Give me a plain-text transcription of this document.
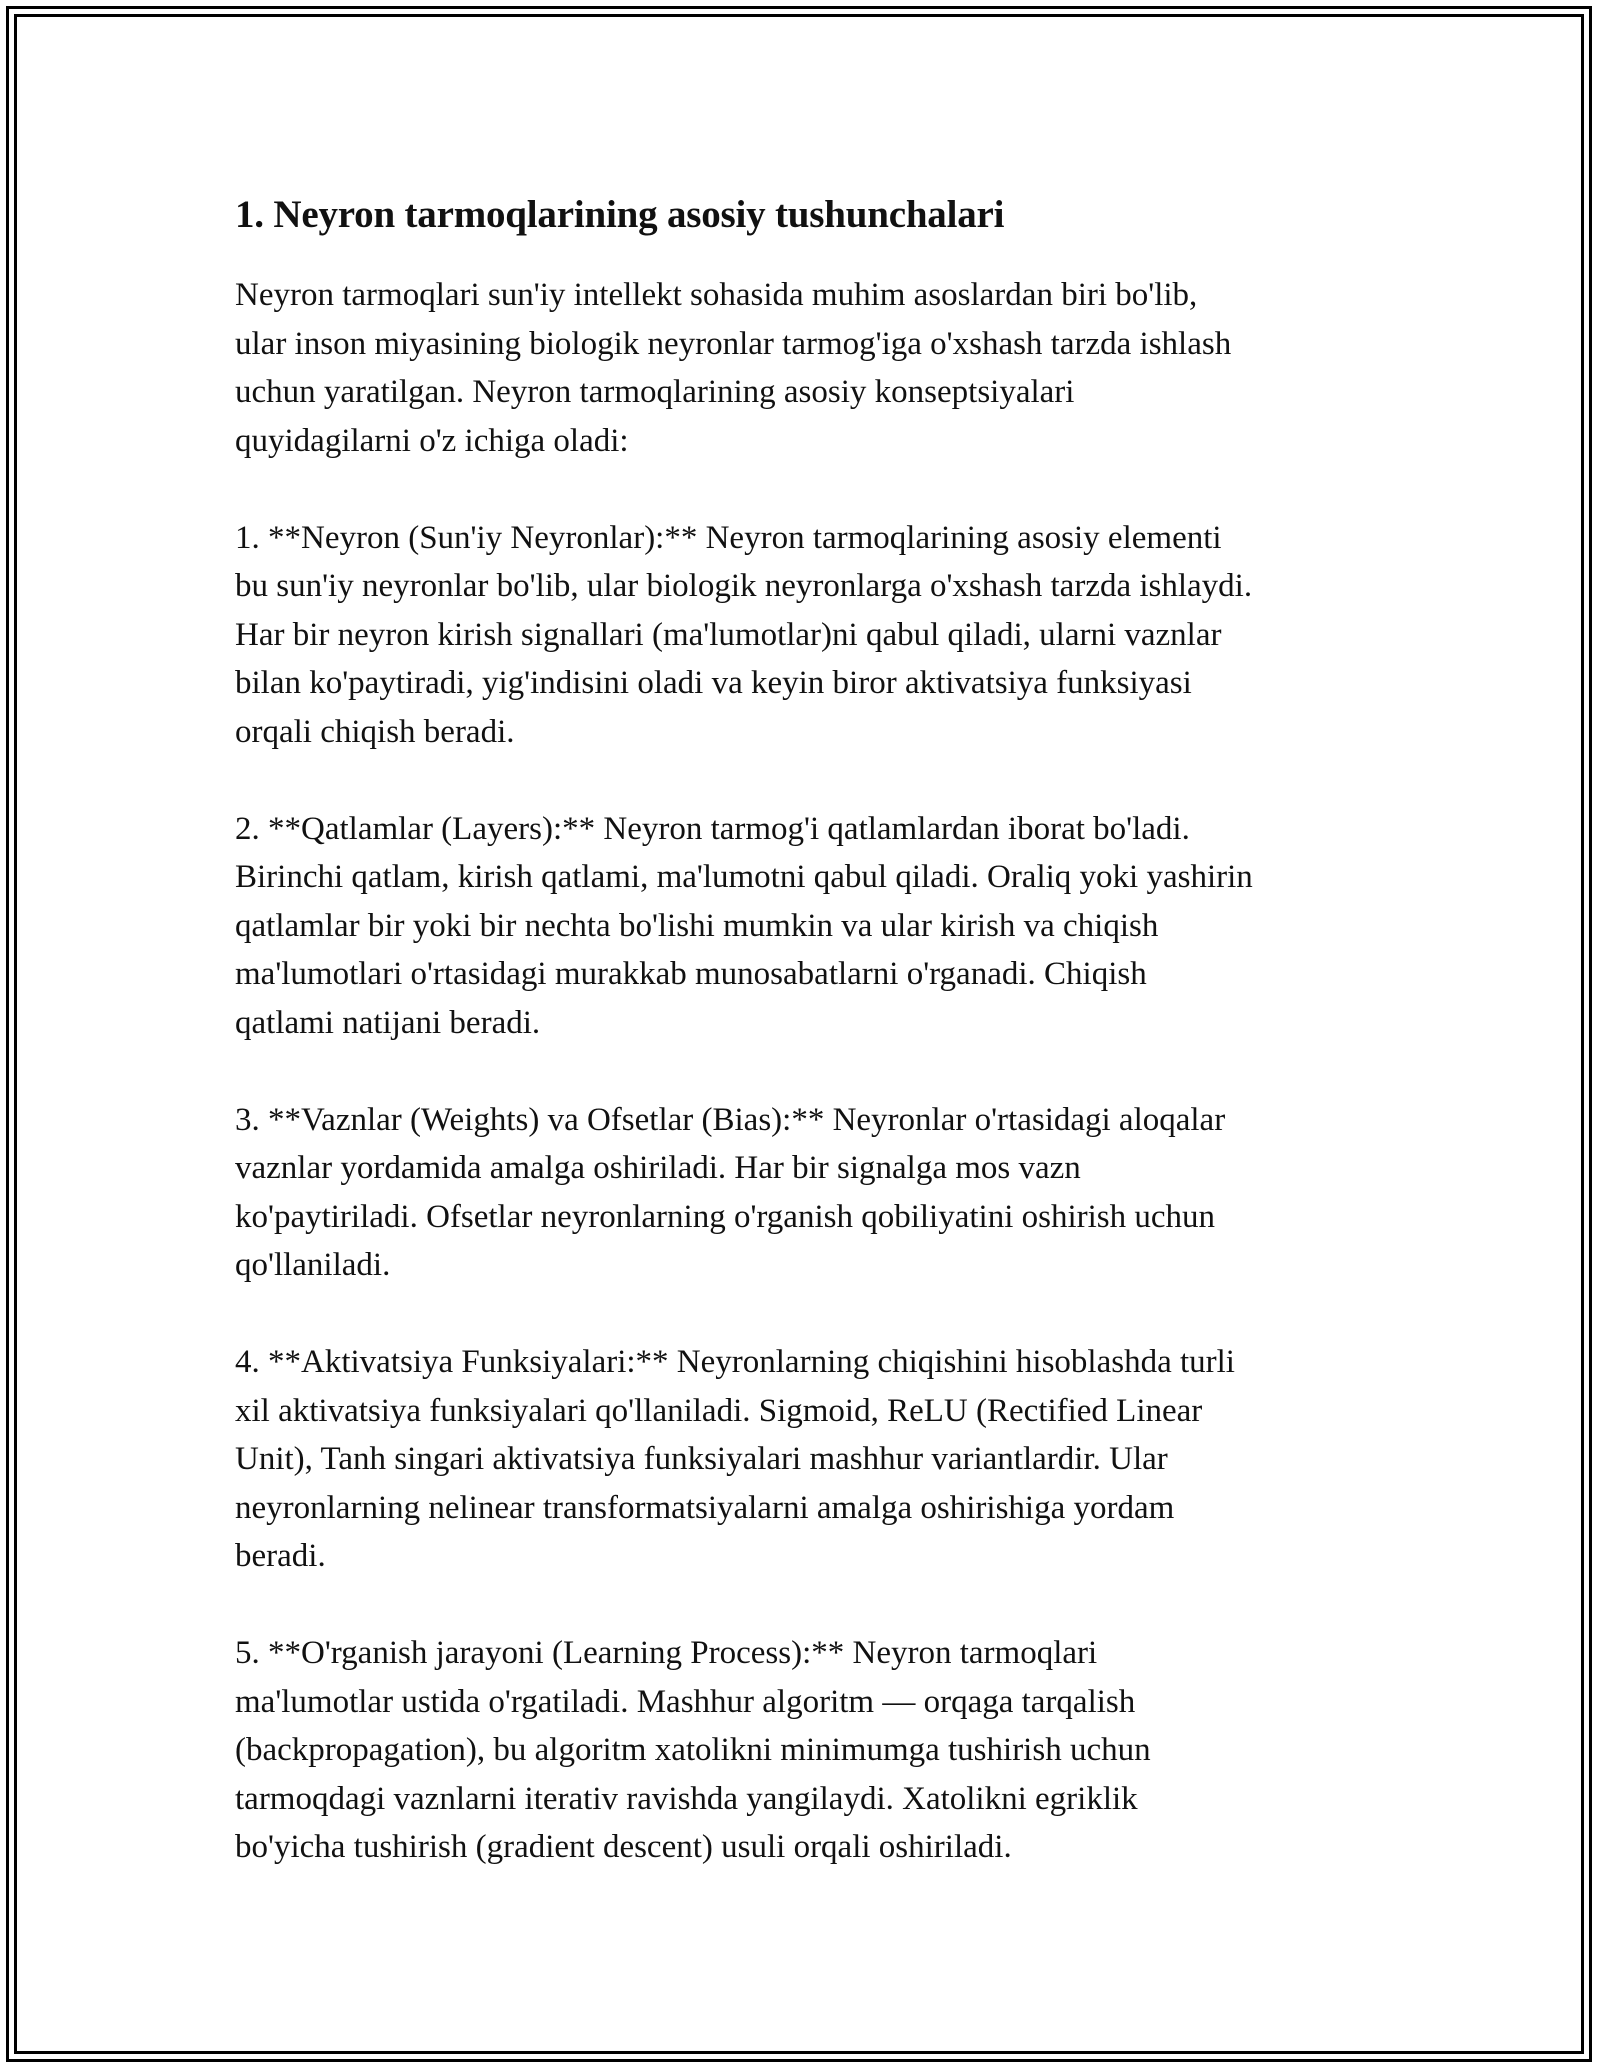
1. Neyron tarmoqlarining asosiy tushunchalari
Neyron tarmoqlari sun'iy intellekt sohasida muhim asoslardan biri bo'lib,
ular inson miyasining biologik neyronlar tarmog'iga o'xshash tarzda ishlash
uchun yaratilgan. Neyron tarmoqlarining asosiy konseptsiyalari
quyidagilarni o'z ichiga oladi:
1. **Neyron (Sun'iy Neyronlar):** Neyron tarmoqlarining asosiy elementi
bu sun'iy neyronlar bo'lib, ular biologik neyronlarga o'xshash tarzda ishlaydi.
Har bir neyron kirish signallari (ma'lumotlar)ni qabul qiladi, ularni vaznlar
bilan ko'paytiradi, yig'indisini oladi va keyin biror aktivatsiya funksiyasi
orqali chiqish beradi.
2. **Qatlamlar (Layers):** Neyron tarmog'i qatlamlardan iborat bo'ladi.
Birinchi qatlam, kirish qatlami, ma'lumotni qabul qiladi. Oraliq yoki yashirin
qatlamlar bir yoki bir nechta bo'lishi mumkin va ular kirish va chiqish
ma'lumotlari o'rtasidagi murakkab munosabatlarni o'rganadi. Chiqish
qatlami natijani beradi.
3. **Vaznlar (Weights) va Ofsetlar (Bias):** Neyronlar o'rtasidagi aloqalar
vaznlar yordamida amalga oshiriladi. Har bir signalga mos vazn
ko'paytiriladi. Ofsetlar neyronlarning o'rganish qobiliyatini oshirish uchun
qo'llaniladi.
4. **Aktivatsiya Funksiyalari:** Neyronlarning chiqishini hisoblashda turli
xil aktivatsiya funksiyalari qo'llaniladi. Sigmoid, ReLU (Rectified Linear
Unit), Tanh singari aktivatsiya funksiyalari mashhur variantlardir. Ular
neyronlarning nelinear transformatsiyalarni amalga oshirishiga yordam
beradi.
5. **O'rganish jarayoni (Learning Process):** Neyron tarmoqlari
ma'lumotlar ustida o'rgatiladi. Mashhur algoritm — orqaga tarqalish
(backpropagation), bu algoritm xatolikni minimumga tushirish uchun
tarmoqdagi vaznlarni iterativ ravishda yangilaydi. Xatolikni egriklik
bo'yicha tushirish (gradient descent) usuli orqali oshiriladi.
